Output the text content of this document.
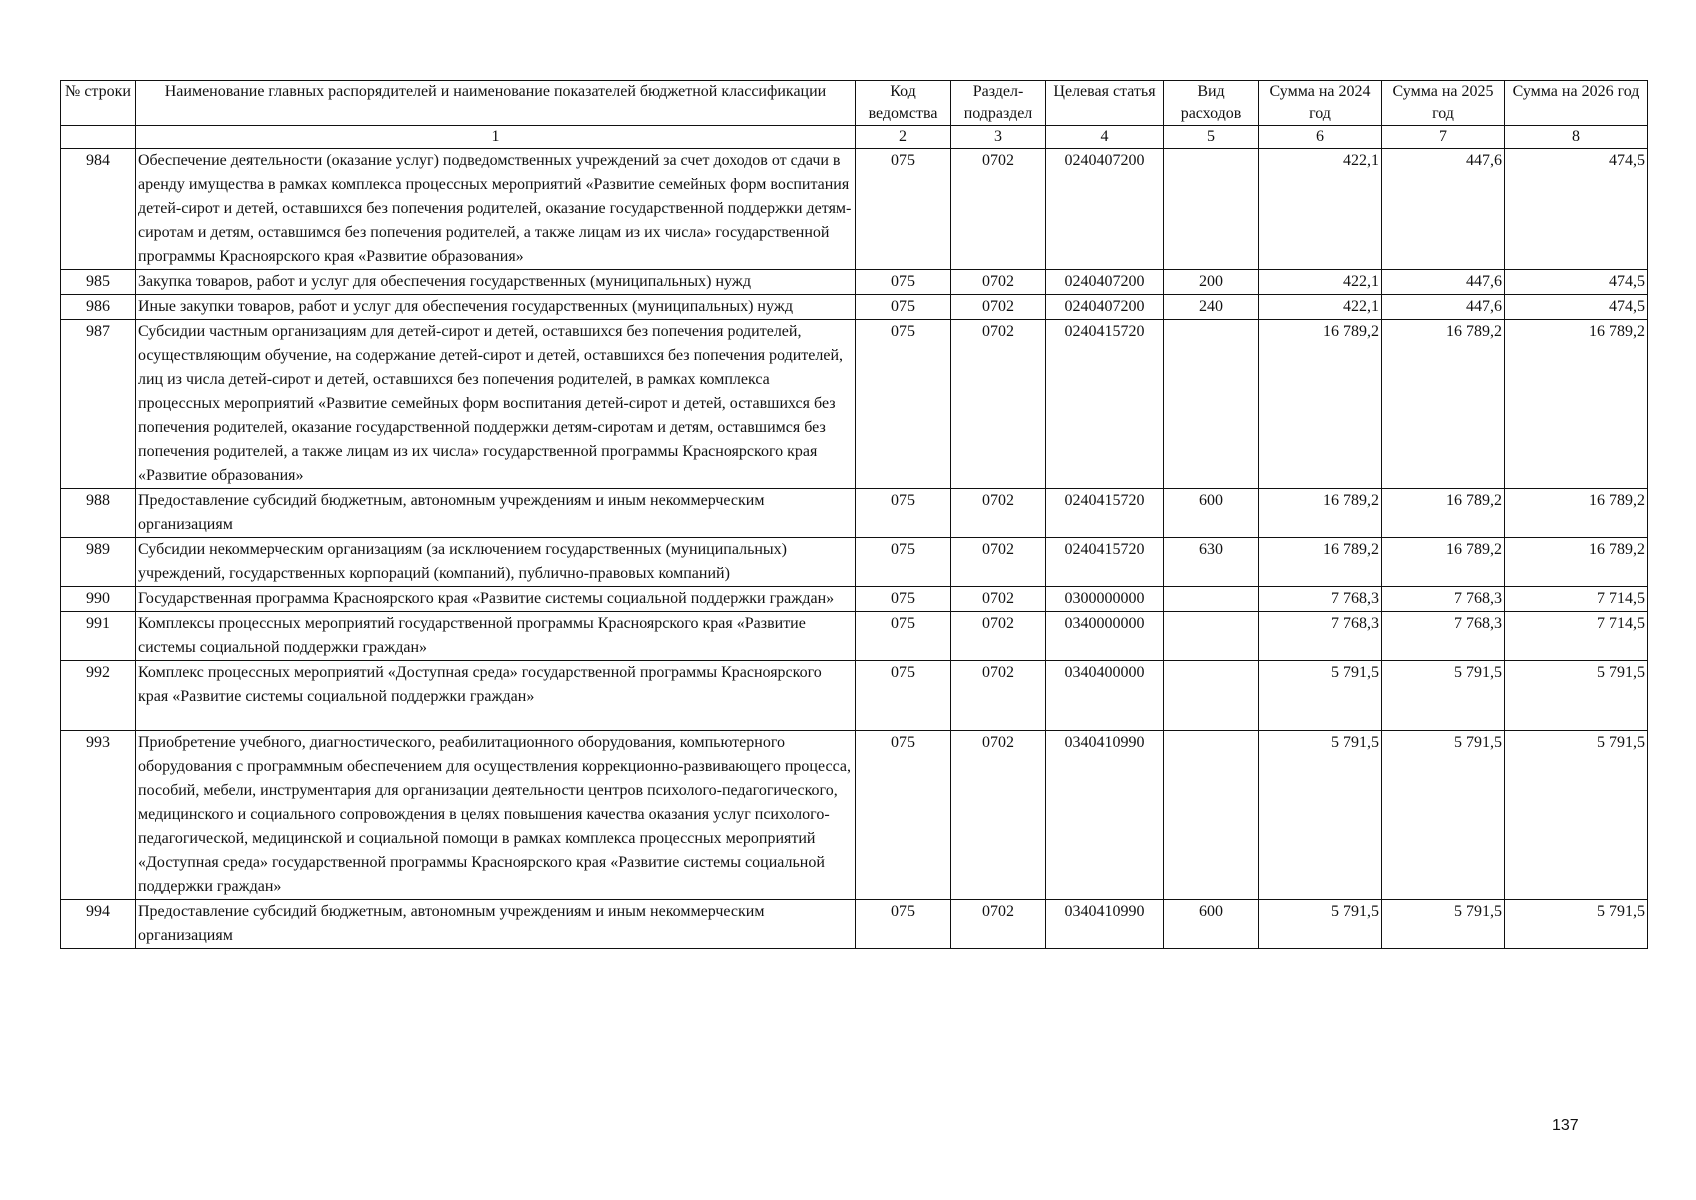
№ строки	Наименование главных распорядителей и наименование показателей бюджетной классификации	Код ведомства	Раздел-подраздел	Целевая статья	Вид расходов	Сумма на 2024 год	Сумма на 2025 год	Сумма на 2026 год
	1	2	3	4	5	6	7	8
984	Обеспечение деятельности (оказание услуг) подведомственных учреждений за счет доходов от сдачи в аренду имущества в рамках комплекса процессных мероприятий «Развитие семейных форм воспитания детей-сирот и детей, оставшихся без попечения родителей, оказание государственной поддержки детям-сиротам и детям, оставшимся без попечения родителей, а также лицам из их числа» государственной программы Красноярского края «Развитие образования»	075	0702	0240407200		422,1	447,6	474,5
985	Закупка товаров, работ и услуг для обеспечения государственных (муниципальных) нужд	075	0702	0240407200	200	422,1	447,6	474,5
986	Иные закупки товаров, работ и услуг для обеспечения государственных (муниципальных) нужд	075	0702	0240407200	240	422,1	447,6	474,5
987	Субсидии частным организациям для детей-сирот и детей, оставшихся без попечения родителей, осуществляющим обучение, на содержание детей-сирот и детей, оставшихся без попечения родителей, лиц из числа детей-сирот и детей, оставшихся без попечения родителей, в рамках комплекса процессных мероприятий «Развитие семейных форм воспитания детей-сирот и детей, оставшихся без попечения родителей, оказание государственной поддержки детям-сиротам и детям, оставшимся без попечения родителей, а также лицам из их числа» государственной программы Красноярского края «Развитие образования»	075	0702	0240415720		16 789,2	16 789,2	16 789,2
988	Предоставление субсидий бюджетным, автономным учреждениям и иным некоммерческим организациям	075	0702	0240415720	600	16 789,2	16 789,2	16 789,2
989	Субсидии некоммерческим организациям (за исключением государственных (муниципальных) учреждений, государственных корпораций (компаний), публично-правовых компаний)	075	0702	0240415720	630	16 789,2	16 789,2	16 789,2
990	Государственная программа Красноярского края «Развитие системы социальной поддержки граждан»	075	0702	0300000000		7 768,3	7 768,3	7 714,5
991	Комплексы процессных мероприятий государственной программы Красноярского края «Развитие системы социальной поддержки граждан»	075	0702	0340000000		7 768,3	7 768,3	7 714,5
992	Комплекс процессных мероприятий «Доступная среда» государственной программы Красноярского края «Развитие системы социальной поддержки граждан»	075	0702	0340400000		5 791,5	5 791,5	5 791,5
993	Приобретение учебного, диагностического, реабилитационного оборудования, компьютерного оборудования с программным обеспечением для осуществления коррекционно-развивающего процесса, пособий, мебели, инструментария для организации деятельности центров психолого-педагогического, медицинского и социального сопровождения в целях повышения качества оказания услуг психолого-педагогической, медицинской и социальной помощи в рамках комплекса процессных мероприятий «Доступная среда» государственной программы Красноярского края «Развитие системы социальной поддержки граждан»	075	0702	0340410990		5 791,5	5 791,5	5 791,5
994	Предоставление субсидий бюджетным, автономным учреждениям и иным некоммерческим организациям	075	0702	0340410990	600	5 791,5	5 791,5	5 791,5
137
